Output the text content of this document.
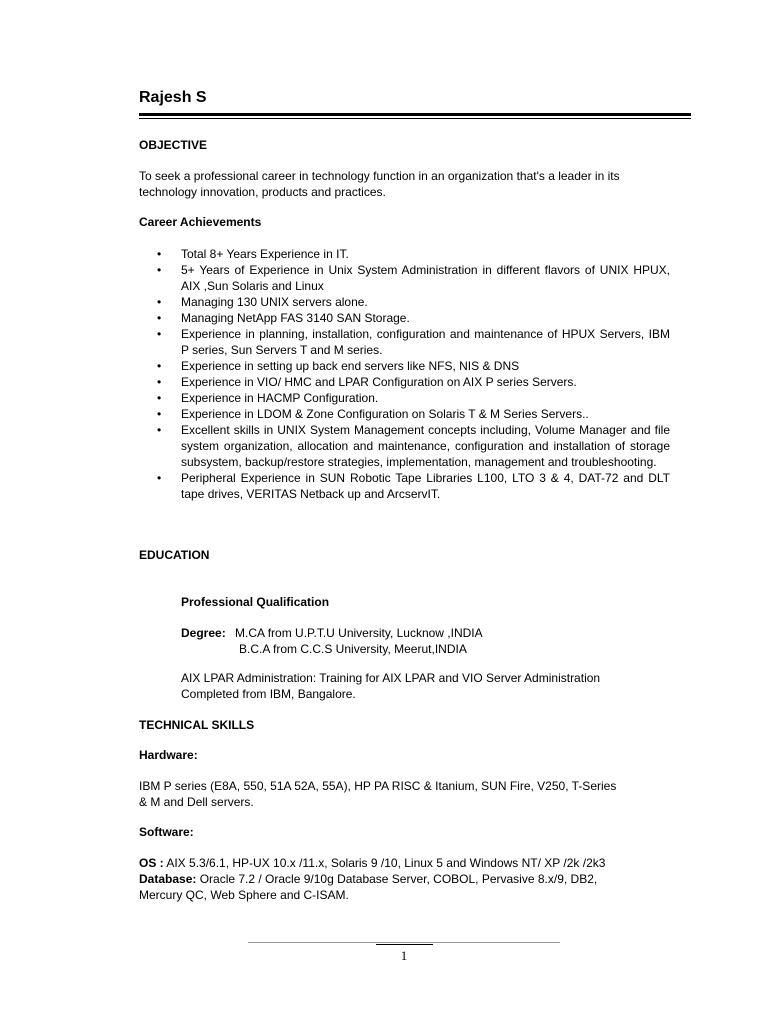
Rajesh S
OBJECTIVE
To seek a professional career in technology function in an organization that's a leader in its
technology innovation, products and practices.
Career Achievements
• Total 8+ Years Experience in IT.
• 5+ Years of Experience in Unix System Administration in different flavors of UNIX HPUX, AIX ,Sun Solaris and Linux
• Managing 130 UNIX servers alone.
• Managing NetApp FAS 3140 SAN Storage.
• Experience in planning, installation, configuration and maintenance of HPUX Servers, IBM P series, Sun Servers T and M series.
• Experience in setting up back end servers like NFS, NIS & DNS
• Experience in VIO/ HMC and LPAR Configuration on AIX P series Servers.
• Experience in HACMP Configuration.
• Experience in LDOM & Zone Configuration on Solaris T & M Series Servers..
• Excellent skills in UNIX System Management concepts including, Volume Manager and file system organization, allocation and maintenance, configuration and installation of storage subsystem, backup/restore strategies, implementation, management and troubleshooting.
• Peripheral Experience in SUN Robotic Tape Libraries L100, LTO 3 & 4, DAT-72 and DLT tape drives, VERITAS Netback up and ArcservIT.
EDUCATION
Professional Qualification
Degree: M.CA from U.P.T.U University, Lucknow ,INDIA
B.C.A from C.C.S University, Meerut,INDIA
AIX LPAR Administration: Training for AIX LPAR and VIO Server Administration
Completed from IBM, Bangalore.
TECHNICAL SKILLS
Hardware:
IBM P series (E8A, 550, 51A 52A, 55A), HP PA RISC & Itanium, SUN Fire, V250, T-Series
& M and Dell servers.
Software:
OS : AIX 5.3/6.1, HP-UX 10.x /11.x, Solaris 9 /10, Linux 5 and Windows NT/ XP /2k /2k3
Database: Oracle 7.2 / Oracle 9/10g Database Server, COBOL, Pervasive 8.x/9, DB2,
Mercury QC, Web Sphere and C-ISAM.
1
